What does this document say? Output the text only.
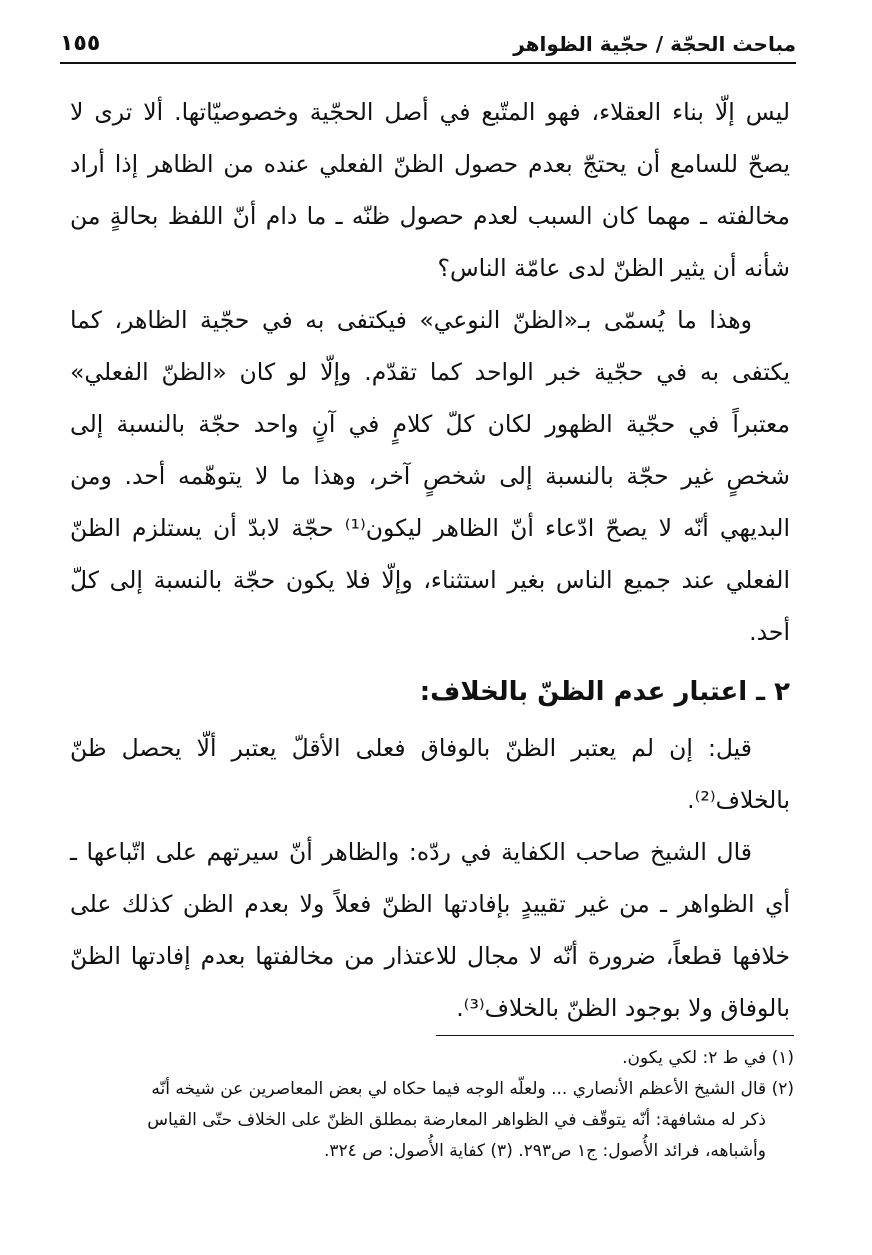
مباحث الحجّة / حجّية الظواهر
١٥٥

ليس إلّا بناء العقلاء، فهو المتّبع في أصل الحجّية وخصوصيّاتها. ألا ترى لا يصحّ للسامع أن يحتجّ بعدم حصول الظنّ الفعلي عنده من الظاهر إذا أراد مخالفته ـ مهما كان السبب لعدم حصول ظنّه ـ ما دام أنّ اللفظ بحالةٍ من شأنه أن يثير الظنّ لدى عامّة الناس؟

وهذا ما يُسمّى بـ«الظنّ النوعي» فيكتفى به في حجّية الظاهر، كما يكتفى به في حجّية خبر الواحد كما تقدّم. وإلّا لو كان «الظنّ الفعلي» معتبراً في حجّية الظهور لكان كلّ كلامٍ في آنٍ واحد حجّة بالنسبة إلى شخصٍ غير حجّة بالنسبة إلى شخصٍ آخر، وهذا ما لا يتوهّمه أحد. ومن البديهي أنّه لا يصحّ ادّعاء أنّ الظاهر ليكون⁽¹⁾ حجّة لابدّ أن يستلزم الظنّ الفعلي عند جميع الناس بغير استثناء، وإلّا فلا يكون حجّة بالنسبة إلى كلّ أحد.

٢ ـ اعتبار عدم الظنّ بالخلاف:

قيل: إن لم يعتبر الظنّ بالوفاق فعلى الأقلّ يعتبر ألّا يحصل ظنّ بالخلاف⁽²⁾.

قال الشيخ صاحب الكفاية في ردّه: والظاهر أنّ سيرتهم على اتّباعها ـ أي الظواهر ـ من غير تقييدٍ بإفادتها الظنّ فعلاً ولا بعدم الظن كذلك على خلافها قطعاً، ضرورة أنّه لا مجال للاعتذار من مخالفتها بعدم إفادتها الظنّ بالوفاق ولا بوجود الظنّ بالخلاف⁽³⁾.

(١) في ط ٢: لكي يكون.

(٢) قال الشيخ الأعظم الأنصاري ... ولعلّه الوجه فيما حكاه لي بعض المعاصرين عن شيخه أنّه

ذكر له مشافهة: أنّه يتوقّف في الظواهر المعارضة بمطلق الظنّ على الخلاف حتّى القياس

وأشباهه، فرائد الأُصول: ج١ ص٢٩٣. (٣) كفاية الأُصول: ص ٣٢٤.
